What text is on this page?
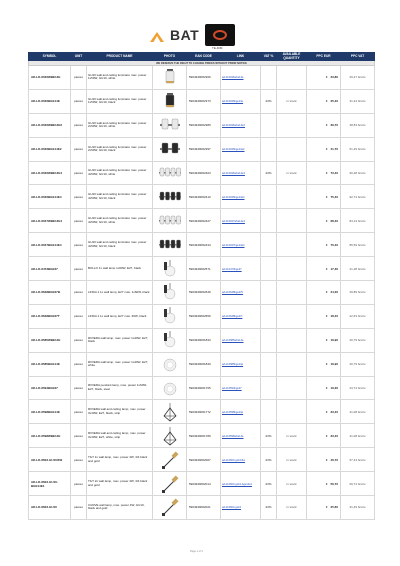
BAT
TE-DIM
SYMBOL	UNIT	PRODUCT NAME	PHOTO	EAN CODE	LINK	VAT %	AVAILABLE QUANTITY	PPC EUR	PPC VAT
WE RESERVE THE RIGHT TO CHANGE PRICES WITHOUT PRIOR NOTICE									
AD-LD-6046WBE14E	pieces	GU10 wall and ceiling luminaire max. power 1x50W, GU10, white		5904949062366	ad-ld-6046wbe14e			€ 23,80	29,27 brutto
AD-LD-6046BGE14E	pieces	GU10 wall and ceiling luminaire max. power 1x50W, GU10, black		5904949062373	ad-ld-6046bge14e	23%	in stock	€ 25,40	31,24 brutto
AD-LD-6046WBE14E2	pieces	GU10 wall and ceiling luminaire max. power 2x50W, GU10, white		5904949062380	ad-ld-6046wbe14e2			€ 39,70	48,83 brutto
AD-LD-6046BGE14E2	pieces	GU10 wall and ceiling luminaire max. power 2x50W, GU10, black		5904949062397	ad-ld-6046bge14e2			€ 41,70	51,29 brutto
AD-LD-6046WBE14E4	pieces	GU10 wall and ceiling luminaire max. power 4x50W, GU10, white		5904949062403	ad-ld-6046wbe14e4	23%	in stock	€ 73,40	90,28 brutto
AD-LD-6046BGE14E4	pieces	GU10 wall and ceiling luminaire max. power 4x50W, GU10, black		5904949062410	ad-ld-6046bge14e4			€ 75,40	92,74 brutto
AD-LD-6047WBE14E4	pieces	GU10 wall and ceiling luminaire max. power 4x50W, GU10, white		5904949062427	ad-ld-6047wbe14e4			€ 68,40	84,13 brutto
AD-LD-6047BGE14E4	pieces	GU10 wall and ceiling luminaire max. power 4x50W, GU10, black		5904949062434	ad-ld-6047bge14e4			€ 70,40	86,59 brutto
AD-LD-6473BGE27	pieces	BOLLO 1x wall lamp 1x60W, E27, black		5904949062571	ad-ld-6473bge27			€ 17,30	21,28 brutto
AD-LD-6648BGE27B	pieces	LINDA 1 1x wall lamp, E27 max. 1x60W, black		5904949062649	ad-ld-6648bge27b			€ 24,30	29,89 brutto
AD-LD-6648BGE27T	pieces	LINDA 1 1x wall lamp, E27 max. 60W, black		5904949062656	ad-ld-6648bge27t			€ 18,40	22,63 brutto
AD-LD-6585WBE14E	pieces	RIVIERA wall lamp, max. power 1x40W, E27, black		5904949061833	ad-ld-6585wbe14e			€ 16,90	20,79 brutto
AD-LD-6585BGE14E	pieces	RIVIERA wall lamp, max. power 1x40W, E27, white		5904949061840	ad-ld-6585bge14e			€ 16,90	20,79 brutto
AD-LD-6594BGE27	pieces	RIVIERA pendant lamp, max. power 1x60W, E27, black, steel		5904949061765	ad-ld-6594bge27			€ 19,30	23,74 brutto
AD-LD-6598BGE14E	pieces	RIVIERA wall and ceiling lamp, max. power 3x40W, E27, black, strip		5904949061772	ad-ld-6598bge14e			€ 33,40	41,08 brutto
AD-LD-6598WBE14E	pieces	RIVIERA wall and ceiling lamp, max. power 3x40W, E27, white, strip		5904949061789	ad-ld-6598wbe14e	23%	in stock	€ 33,40	41,08 brutto
AD-LD-6603-GU10/4W	pieces	TILT 1x wall lamp, max. power 4W, 3/4 black and gold		5904949062007	ad-ld-6603-gu10/4w	23%	in stock	€ 46,70	57,44 brutto
AD-LD-6603-GU10-BGE14E1	pieces	TILT 2x wall lamp, max. power 4W, 3/4 black and gold		5904949062014	ad-ld-6603-gu10-bge14e1	23%	in stock	€ 56,70	69,74 brutto
AD-LD-6603-GU10	pieces	CURVE wall lamp, max. power 4W, GU10, black and gold		5904949062021	ad-ld-6603-gu10	23%	in stock	€ 25,60	31,49 brutto
Page 1 of 4
